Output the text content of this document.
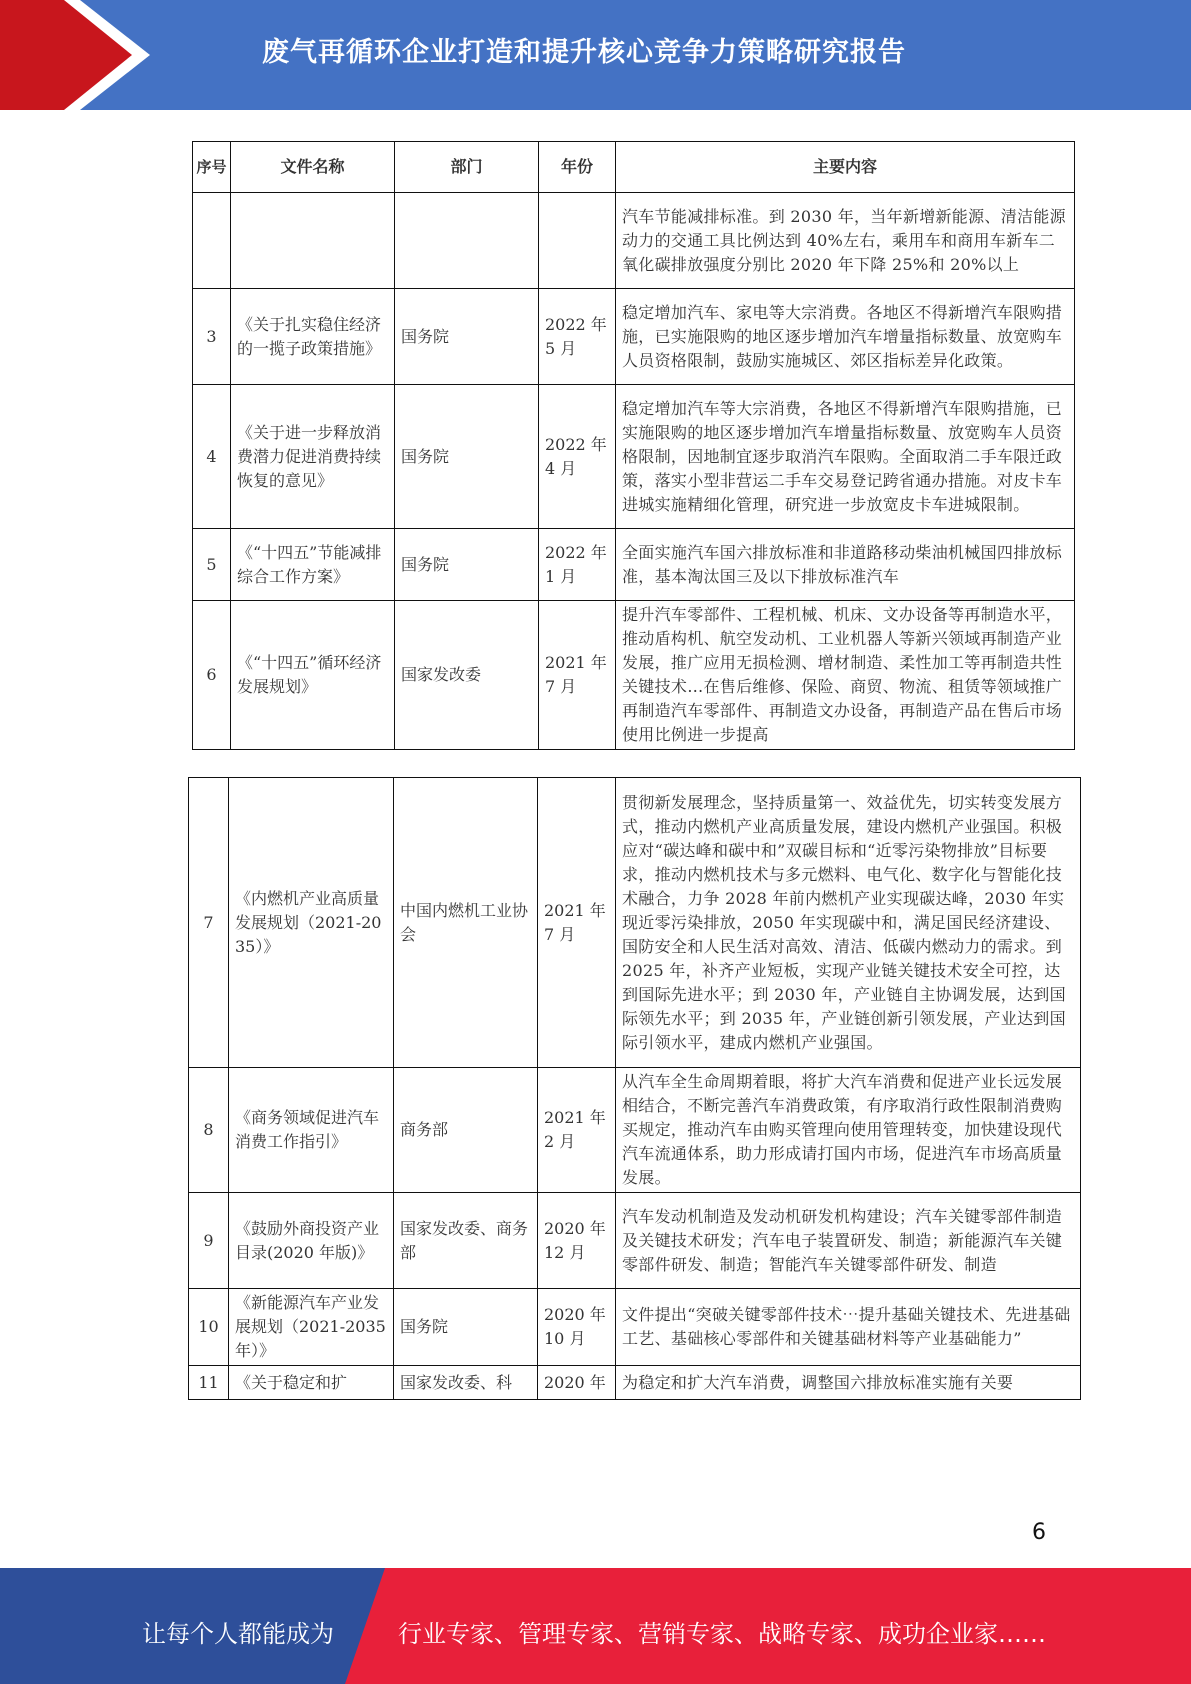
废气再循环企业打造和提升核心竞争力策略研究报告
序号	文件名称	部门	年份	主要内容
				汽车节能减排标准。到 2030 年，当年新增新能源、清洁能源动力的交通工具比例达到 40%左右，乘用车和商用车新车二氧化碳排放强度分别比 2020 年下降 25%和 20%以上
3	《关于扎实稳住经济的一揽子政策措施》	国务院	2022 年 5 月	稳定增加汽车、家电等大宗消费。各地区不得新增汽车限购措施，已实施限购的地区逐步增加汽车增量指标数量、放宽购车人员资格限制，鼓励实施城区、郊区指标差异化政策。
4	《关于进一步释放消费潜力促进消费持续恢复的意见》	国务院	2022 年 4 月	稳定增加汽车等大宗消费，各地区不得新增汽车限购措施，已实施限购的地区逐步增加汽车增量指标数量、放宽购车人员资格限制，因地制宜逐步取消汽车限购。全面取消二手车限迁政策，落实小型非营运二手车交易登记跨省通办措施。对皮卡车进城实施精细化管理，研究进一步放宽皮卡车进城限制。
5	《“十四五”节能减排综合工作方案》	国务院	2022 年 1 月	全面实施汽车国六排放标准和非道路移动柴油机械国四排放标准，基本淘汰国三及以下排放标准汽车
6	《“十四五”循环经济发展规划》	国家发改委	2021 年 7 月	提升汽车零部件、工程机械、机床、文办设备等再制造水平，推动盾构机、航空发动机、工业机器人等新兴领域再制造产业发展，推广应用无损检测、增材制造、柔性加工等再制造共性关键技术…在售后维修、保险、商贸、物流、租赁等领域推广再制造汽车零部件、再制造文办设备，再制造产品在售后市场使用比例进一步提高
7	《内燃机产业高质量发展规划（2021-2035）》	中国内燃机工业协会	2021 年 7 月	贯彻新发展理念，坚持质量第一、效益优先，切实转变发展方式，推动内燃机产业高质量发展，建设内燃机产业强国。积极应对“碳达峰和碳中和”双碳目标和“近零污染物排放”目标要求，推动内燃机技术与多元燃料、电气化、数字化与智能化技术融合，力争 2028 年前内燃机产业实现碳达峰，2030 年实现近零污染排放，2050 年实现碳中和，满足国民经济建设、国防安全和人民生活对高效、清洁、低碳内燃动力的需求。到 2025 年，补齐产业短板，实现产业链关键技术安全可控，达到国际先进水平；到 2030 年，产业链自主协调发展，达到国际领先水平；到 2035 年，产业链创新引领发展，产业达到国际引领水平，建成内燃机产业强国。
8	《商务领域促进汽车消费工作指引》	商务部	2021 年 2 月	从汽车全生命周期着眼，将扩大汽车消费和促进产业长远发展相结合，不断完善汽车消费政策，有序取消行政性限制消费购买规定，推动汽车由购买管理向使用管理转变，加快建设现代汽车流通体系，助力形成请打国内市场，促进汽车市场高质量发展。
9	《鼓励外商投资产业目录(2020 年版)》	国家发改委、商务部	2020 年 12 月	汽车发动机制造及发动机研发机构建设；汽车关键零部件制造及关键技术研发；汽车电子装置研发、制造；新能源汽车关键零部件研发、制造；智能汽车关键零部件研发、制造
10	《新能源汽车产业发展规划（2021-2035 年）》	国务院	2020 年 10 月	文件提出“突破关键零部件技术⋯提升基础关键技术、先进基础工艺、基础核心零部件和关键基础材料等产业基础能力”
11	《关于稳定和扩	国家发改委、科	2020 年	为稳定和扩大汽车消费，调整国六排放标准实施有关要
6
让每个人都能成为	行业专家、管理专家、营销专家、战略专家、成功企业家……
